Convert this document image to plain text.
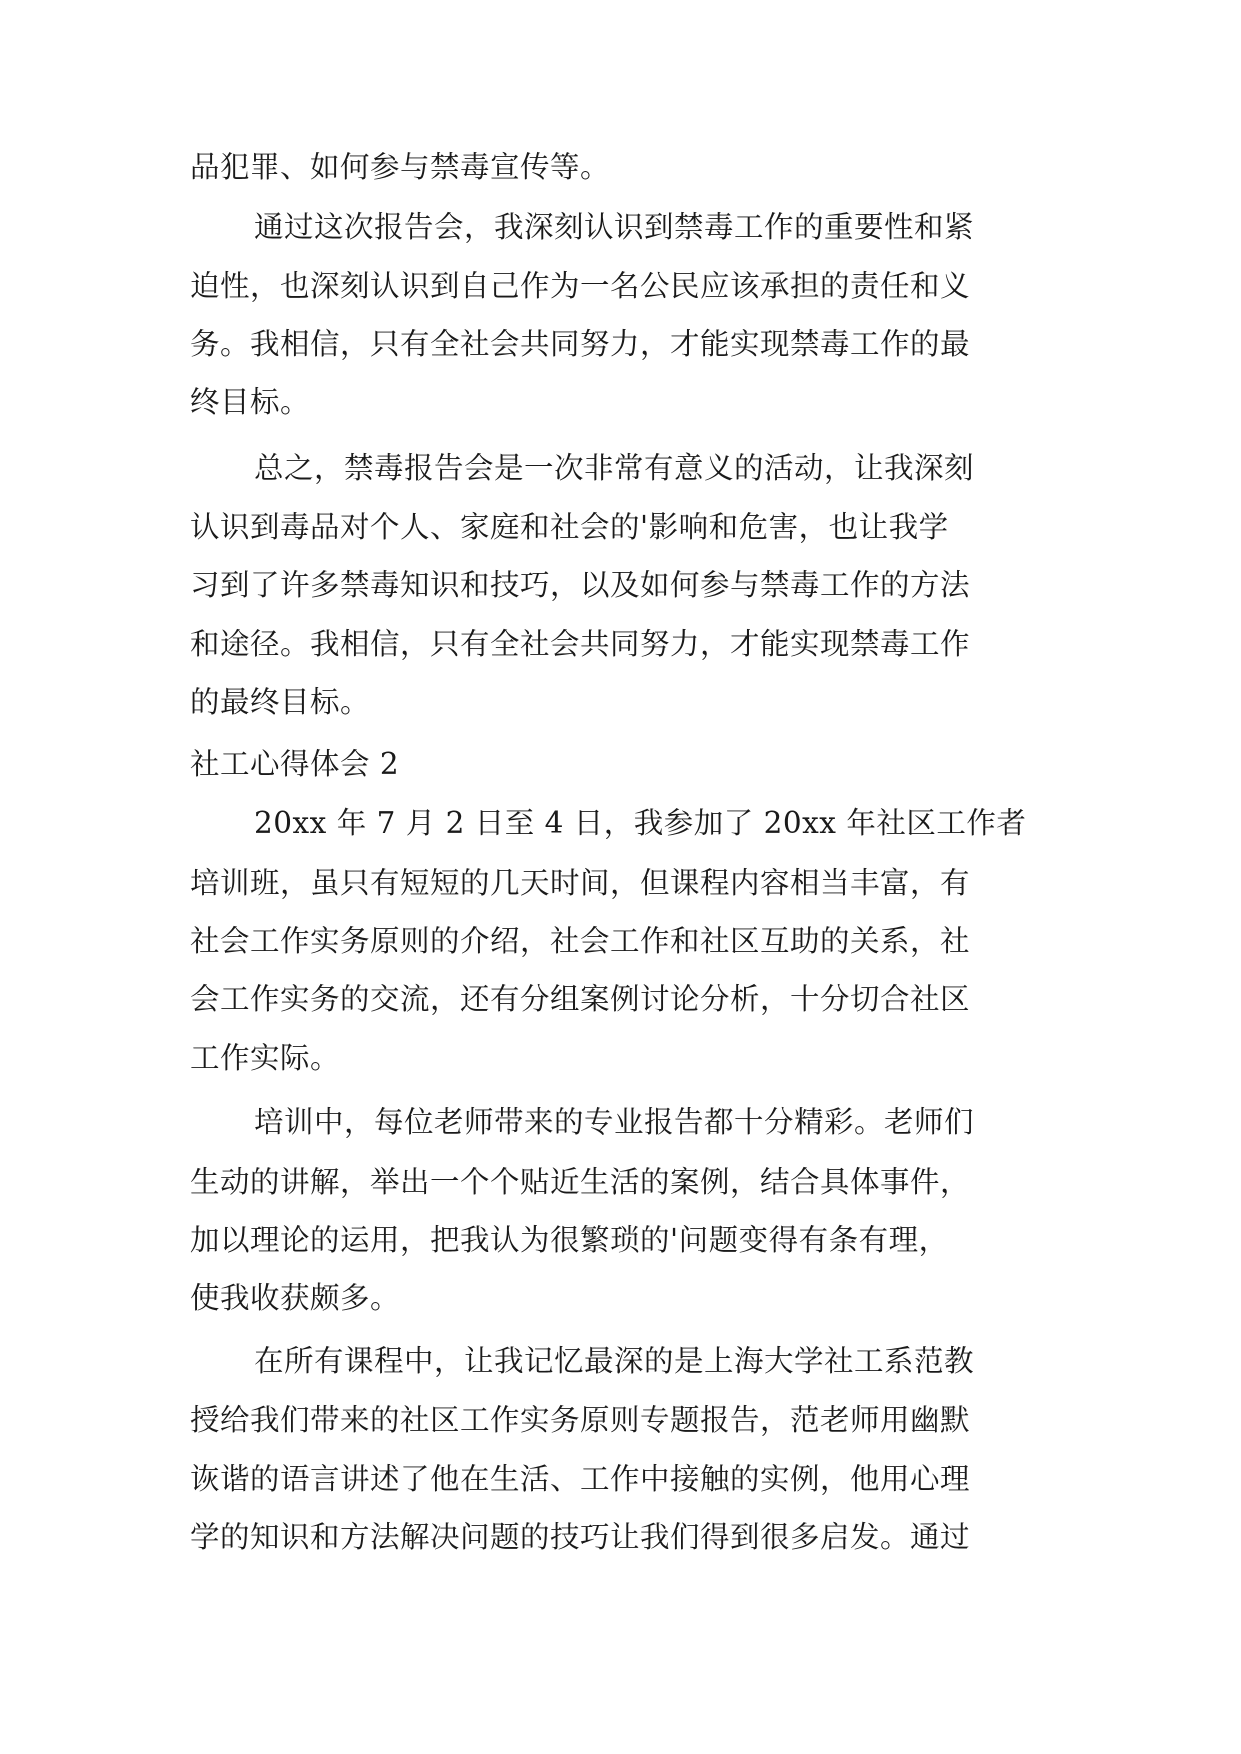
品犯罪、如何参与禁毒宣传等。
通过这次报告会，我深刻认识到禁毒工作的重要性和紧
迫性，也深刻认识到自己作为一名公民应该承担的责任和义
务。我相信，只有全社会共同努力，才能实现禁毒工作的最
终目标。
总之，禁毒报告会是一次非常有意义的活动，让我深刻
认识到毒品对个人、家庭和社会的'影响和危害，也让我学
习到了许多禁毒知识和技巧，以及如何参与禁毒工作的方法
和途径。我相信，只有全社会共同努力，才能实现禁毒工作
的最终目标。
社工心得体会 2
20xx 年 7 月 2 日至 4 日，我参加了 20xx 年社区工作者
培训班，虽只有短短的几天时间，但课程内容相当丰富，有
社会工作实务原则的介绍，社会工作和社区互助的关系，社
会工作实务的交流，还有分组案例讨论分析，十分切合社区
工作实际。
培训中，每位老师带来的专业报告都十分精彩。老师们
生动的讲解，举出一个个贴近生活的案例，结合具体事件，
加以理论的运用，把我认为很繁琐的'问题变得有条有理，
使我收获颇多。
在所有课程中，让我记忆最深的是上海大学社工系范教
授给我们带来的社区工作实务原则专题报告，范老师用幽默
诙谐的语言讲述了他在生活、工作中接触的实例，他用心理
学的知识和方法解决问题的技巧让我们得到很多启发。通过
